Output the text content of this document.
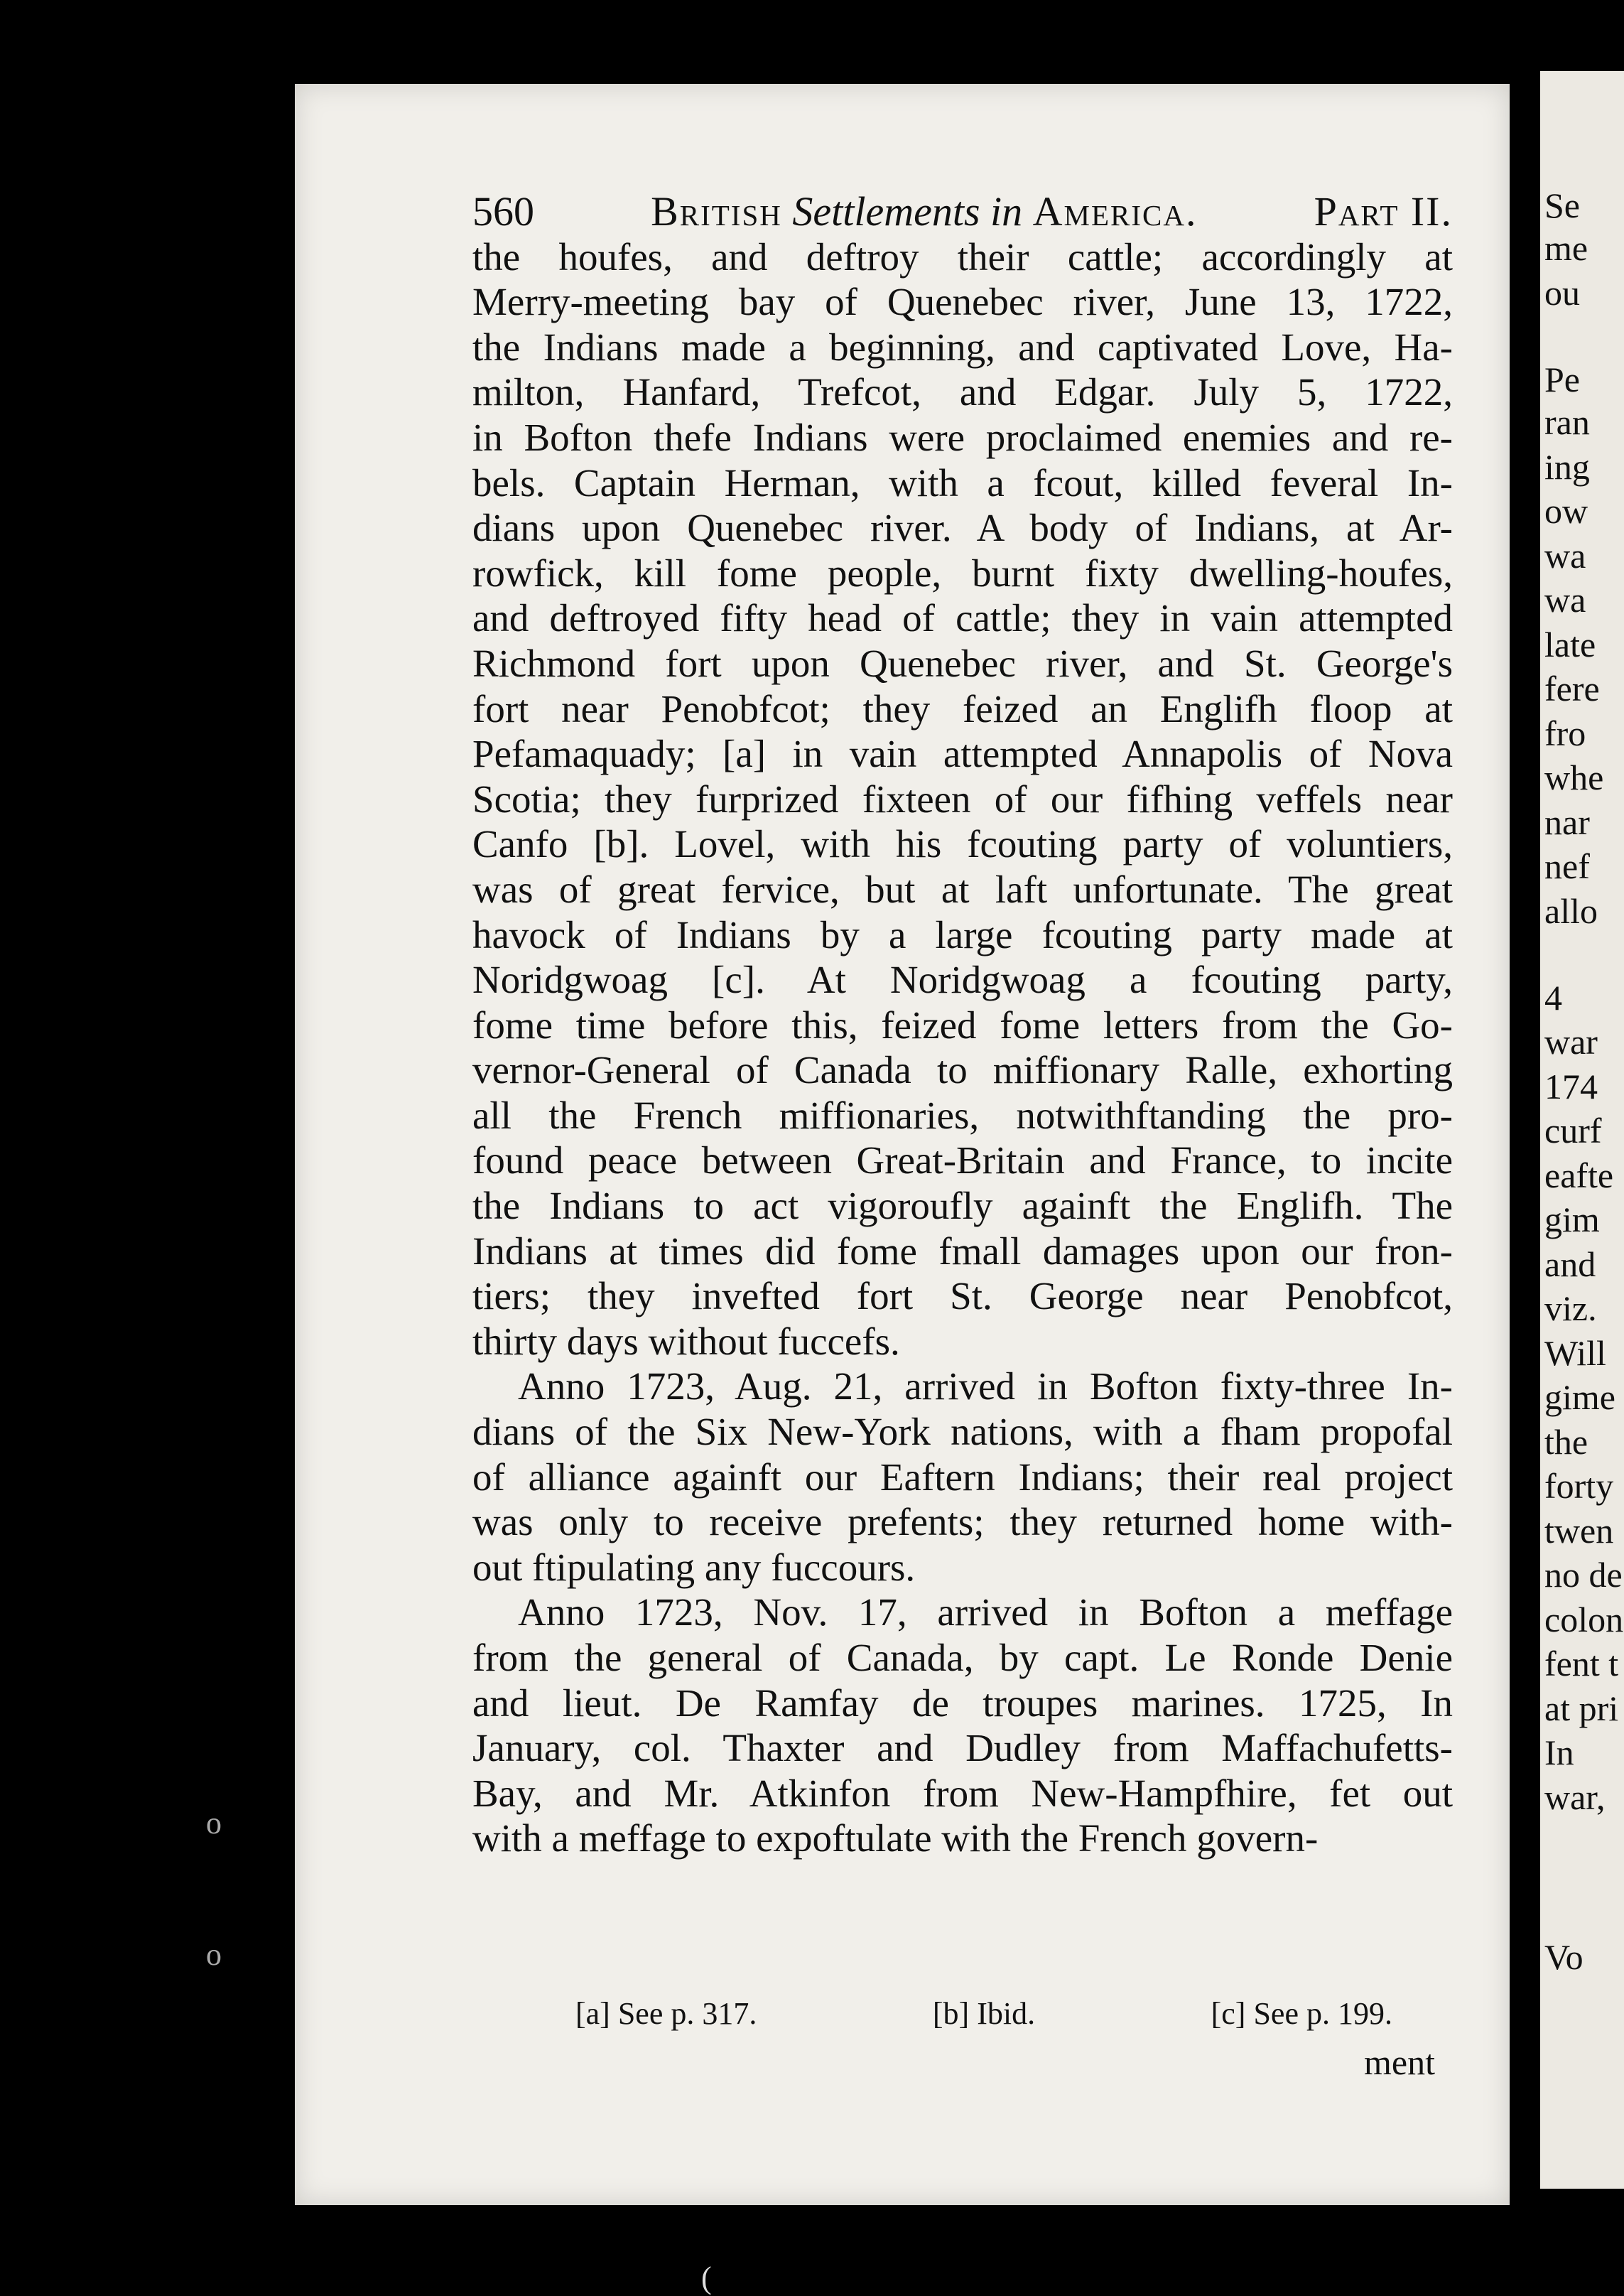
560	British Settlements in America.	Part II.
the houfes, and deftroy their cattle; accordingly at
Merry-meeting bay of Quenebec river, June 13, 1722,
the Indians made a beginning, and captivated Love, Ha-
milton, Hanfard, Trefcot, and Edgar. July 5, 1722,
in Bofton thefe Indians were proclaimed enemies and re-
bels. Captain Herman, with a fcout, killed feveral In-
dians upon Quenebec river. A body of Indians, at Ar-
rowfick, kill fome people, burnt fixty dwelling-houfes,
and deftroyed fifty head of cattle; they in vain attempted
Richmond fort upon Quenebec river, and St. George's
fort near Penobfcot; they feized an Englifh floop at
Pefamaquady; [a] in vain attempted Annapolis of Nova
Scotia; they furprized fixteen of our fifhing veffels near
Canfo [b]. Lovel, with his fcouting party of voluntiers,
was of great fervice, but at laft unfortunate. The great
havock of Indians by a large fcouting party made at
Noridgwoag [c]. At Noridgwoag a fcouting party,
fome time before this, feized fome letters from the Go-
vernor-General of Canada to miffionary Ralle, exhorting
all the French miffionaries, notwithftanding the pro-
found peace between Great-Britain and France, to incite
the Indians to act vigoroufly againft the Englifh. The
Indians at times did fome fmall damages upon our fron-
tiers; they invefted fort St. George near Penobfcot,
thirty days without fuccefs.
Anno 1723, Aug. 21, arrived in Bofton fixty-three In-
dians of the Six New-York nations, with a fham propofal
of alliance againft our Eaftern Indians; their real project
was only to receive prefents; they returned home with-
out ftipulating any fuccours.
Anno 1723, Nov. 17, arrived in Bofton a meffage
from the general of Canada, by capt. Le Ronde Denie
and lieut. De Ramfay de troupes marines. 1725, In
January, col. Thaxter and Dudley from Maffachufetts-
Bay, and Mr. Atkinfon from New-Hampfhire, fet out
with a meffage to expoftulate with the French govern-
[a] See p. 317.	[b] Ibid.	[c] See p. 199.
ment
Se
me
ou
Pe
ran
ing
ow
wa
wa
late
fere
fro
whe
nar
nef
allo
4
war
174
curf
eafte
gim
and
viz.
Will
gime
the
forty
twen
no de
colon
fent t
at pri
In
war,
Vo
o
o
(
